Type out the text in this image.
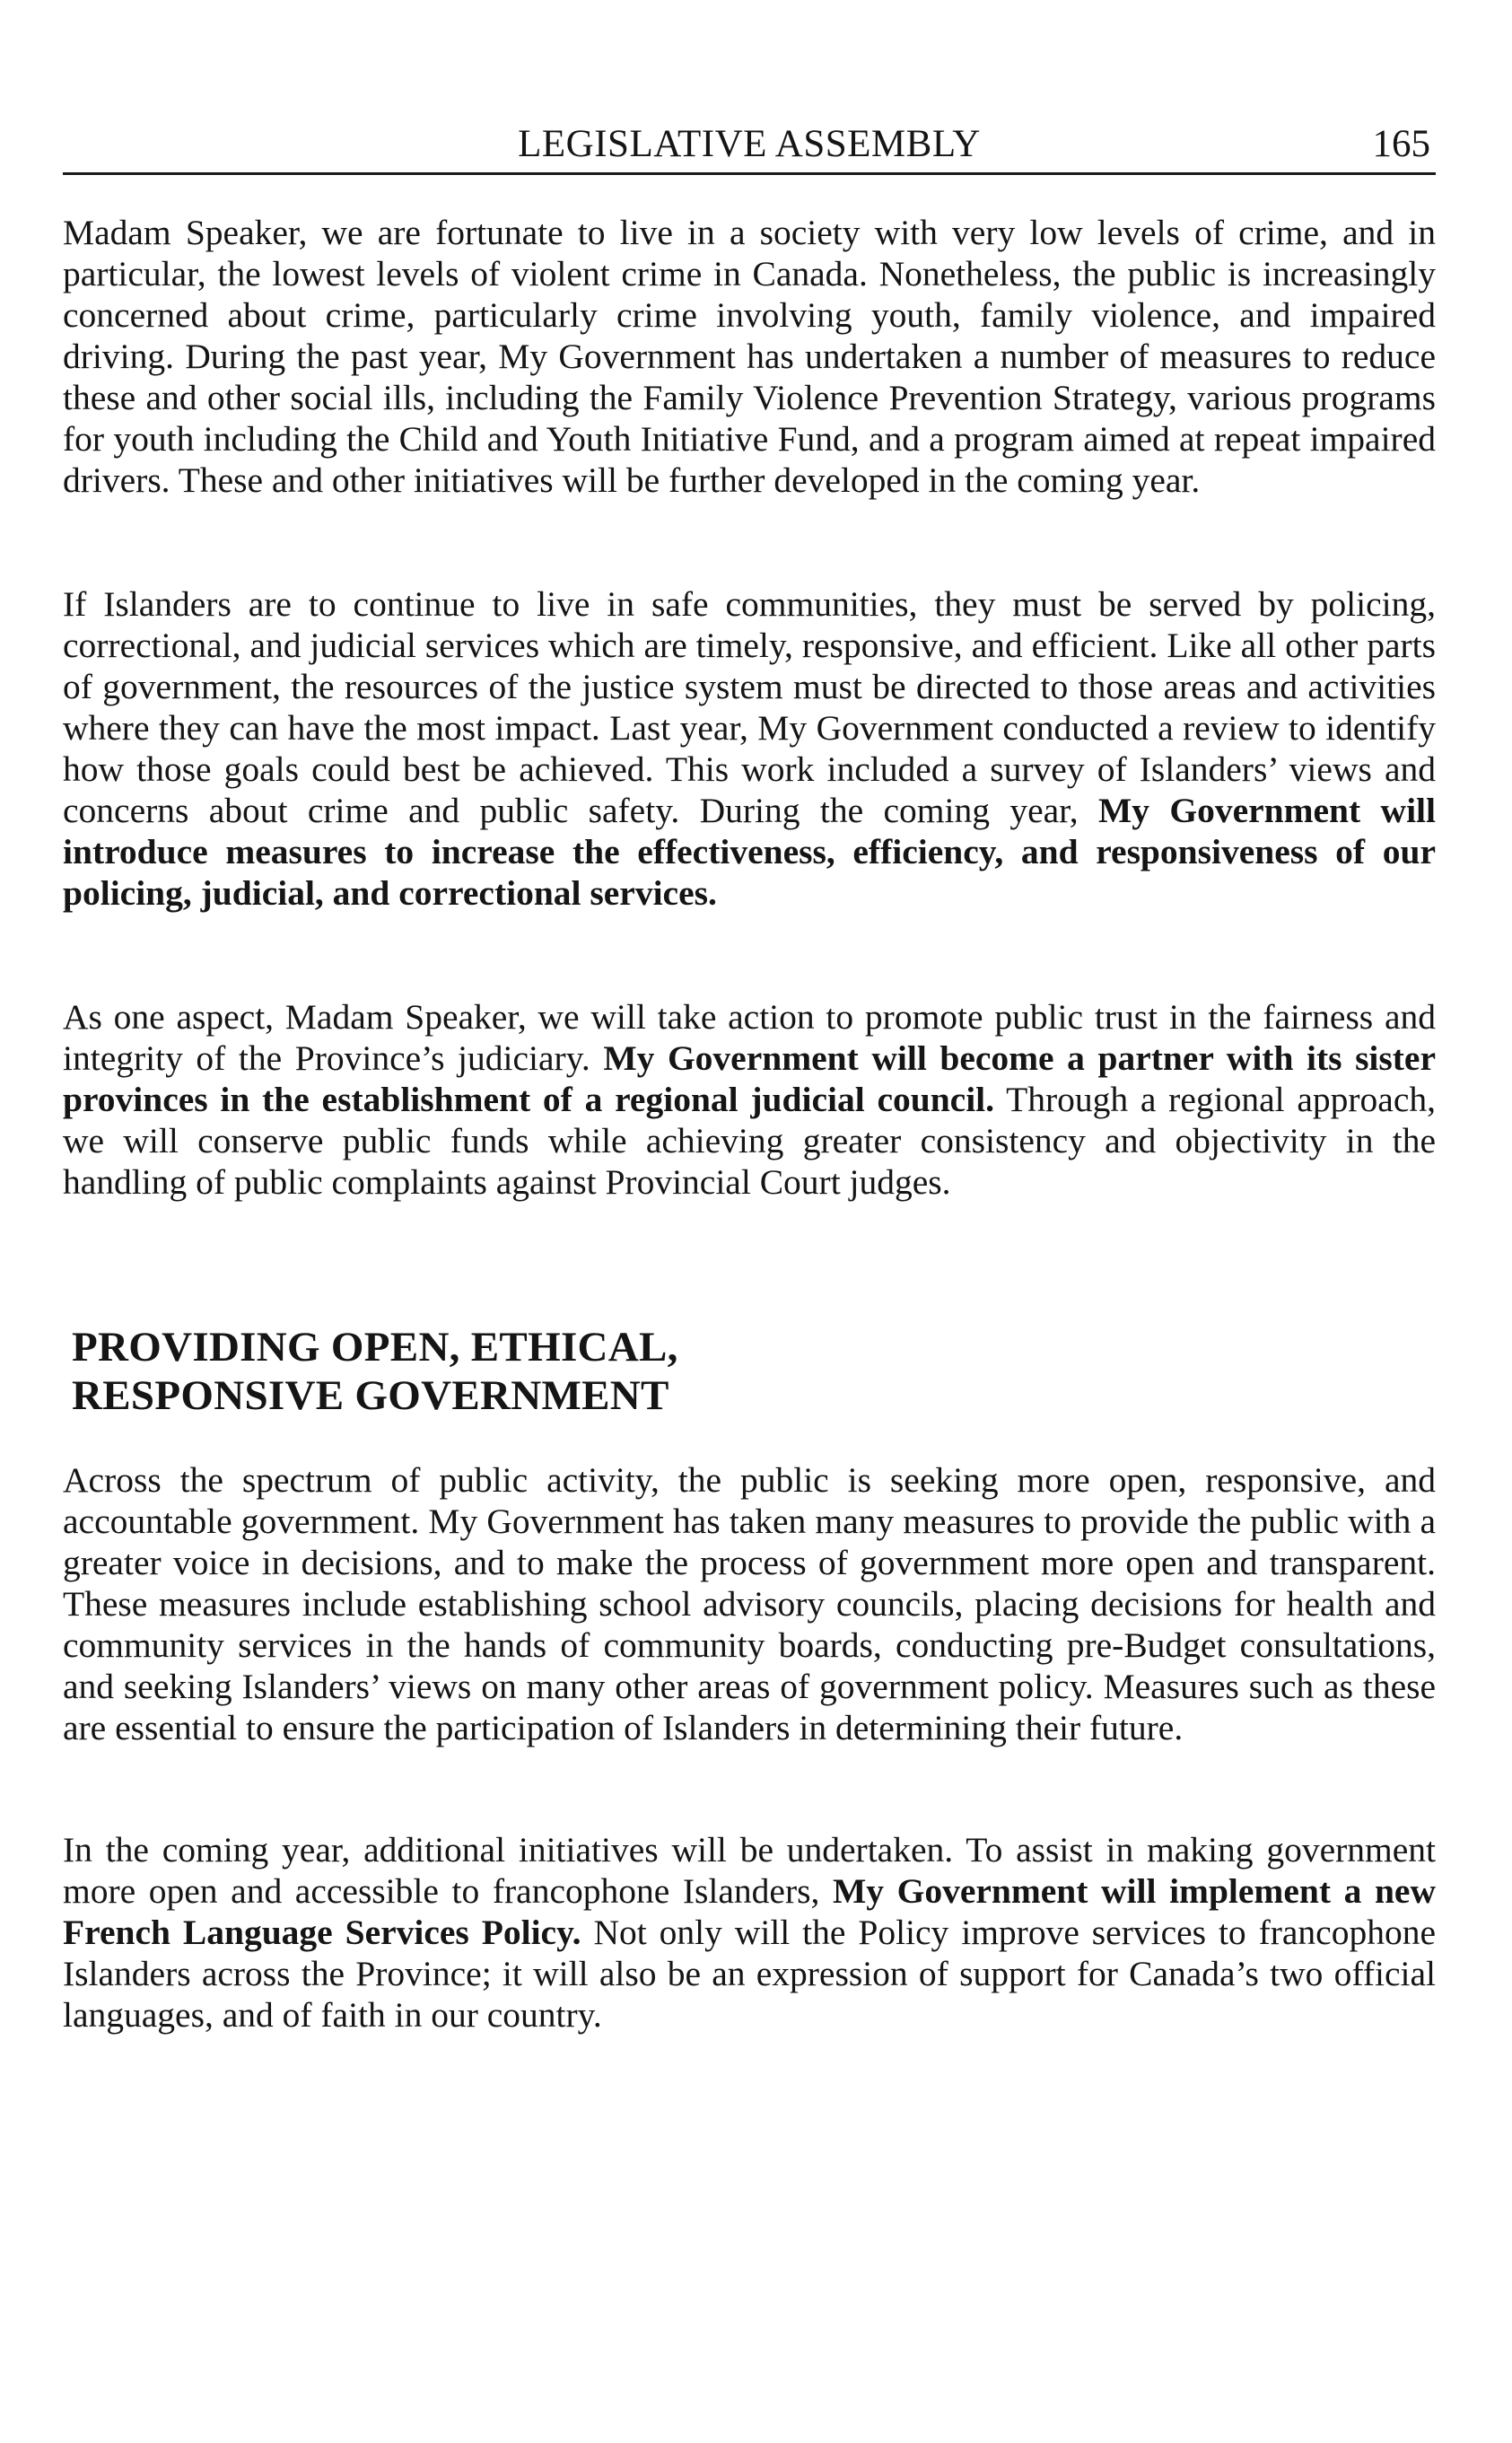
LEGISLATIVE ASSEMBLY	165

Madam Speaker, we are fortunate to live in a society with very low levels of crime, and in particular, the lowest levels of violent crime in Canada. Nonetheless, the public is increasingly concerned about crime, particularly crime involving youth, family violence, and impaired driving. During the past year, My Government has undertaken a number of measures to reduce these and other social ills, including the Family Violence Prevention Strategy, various programs for youth including the Child and Youth Initiative Fund, and a program aimed at repeat impaired drivers. These and other initiatives will be further developed in the coming year.

If Islanders are to continue to live in safe communities, they must be served by policing, correctional, and judicial services which are timely, responsive, and efficient. Like all other parts of government, the resources of the justice system must be directed to those areas and activities where they can have the most impact. Last year, My Government conducted a review to identify how those goals could best be achieved. This work included a survey of Islanders’ views and concerns about crime and public safety. During the coming year, My Government will introduce measures to increase the effectiveness, efficiency, and responsiveness of our policing, judicial, and correctional services.

As one aspect, Madam Speaker, we will take action to promote public trust in the fairness and integrity of the Province’s judiciary. My Government will become a partner with its sister provinces in the establishment of a regional judicial council. Through a regional approach, we will conserve public funds while achieving greater consistency and objectivity in the handling of public complaints against Provincial Court judges.

PROVIDING OPEN, ETHICAL,
RESPONSIVE GOVERNMENT

Across the spectrum of public activity, the public is seeking more open, responsive, and accountable government. My Government has taken many measures to provide the public with a greater voice in decisions, and to make the process of government more open and transparent. These measures include establishing school advisory councils, placing decisions for health and community services in the hands of community boards, conducting pre-Budget consultations, and seeking Islanders’ views on many other areas of government policy. Measures such as these are essential to ensure the participation of Islanders in determining their future.

In the coming year, additional initiatives will be undertaken. To assist in making government more open and accessible to francophone Islanders, My Government will implement a new French Language Services Policy. Not only will the Policy improve services to francophone Islanders across the Province; it will also be an expression of support for Canada’s two official languages, and of faith in our country.
